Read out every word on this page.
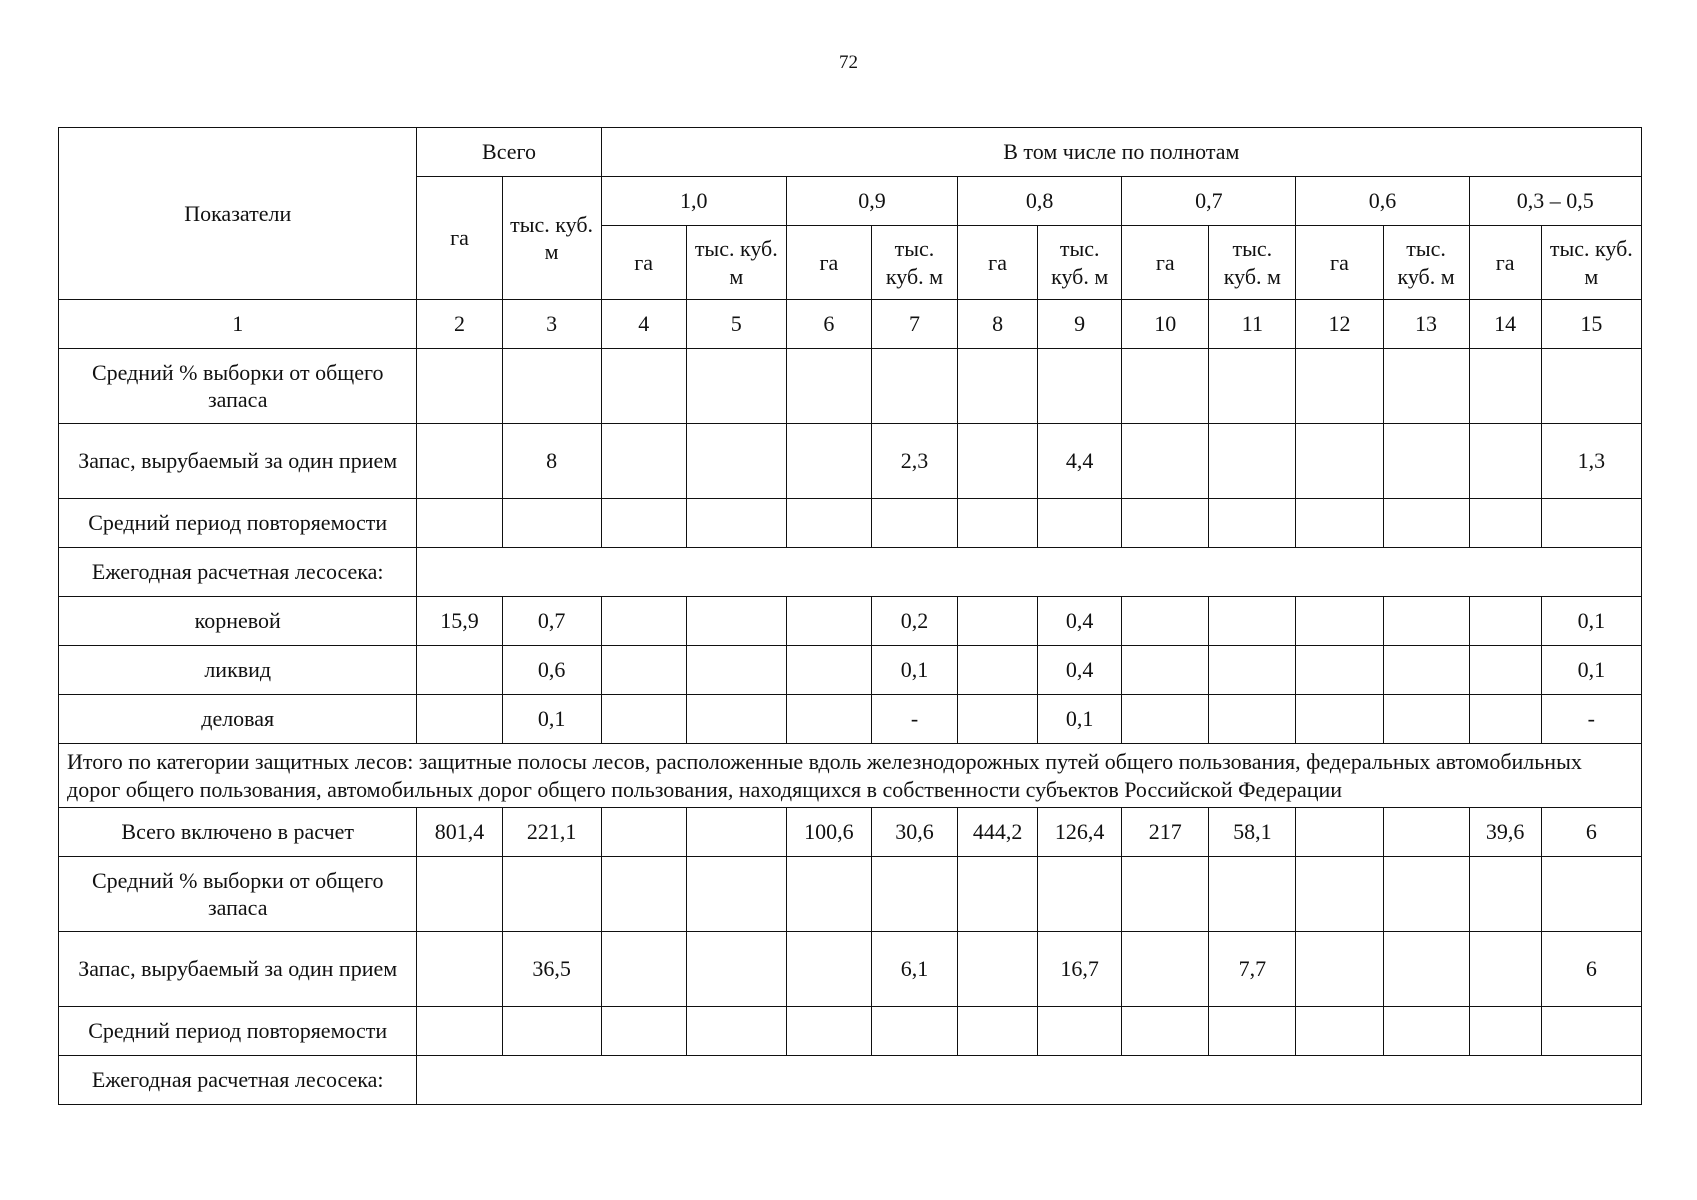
72
Показатели	Всего		В том числе по полнотам											
	га	тыс. куб. м	1,0		0,9		0,8		0,7		0,6		0,3 – 0,5	
			га	тыс. куб. м	га	тыс. куб. м	га	тыс. куб. м	га	тыс. куб. м	га	тыс. куб. м	га	тыс. куб. м
1	2	3	4	5	6	7	8	9	10	11	12	13	14	15
Средний % выборки от общего запаса														
Запас, вырубаемый за один прием		8				2,3		4,4						1,3
Средний период повторяемости														
Ежегодная расчетная лесосека:														
корневой	15,9	0,7				0,2		0,4						0,1
ликвид		0,6				0,1		0,4						0,1
деловая		0,1				-		0,1						-
Итого по категории защитных лесов: защитные полосы лесов, расположенные вдоль железнодорожных путей общего пользования, федеральных автомобильных дорог общего пользования, автомобильных дорог общего пользования, находящихся в собственности субъектов Российской Федерации														
Всего включено в расчет	801,4	221,1			100,6	30,6	444,2	126,4	217	58,1			39,6	6
Средний % выборки от общего запаса														
Запас, вырубаемый за один прием		36,5				6,1		16,7		7,7				6
Средний период повторяемости														
Ежегодная расчетная лесосека:														
